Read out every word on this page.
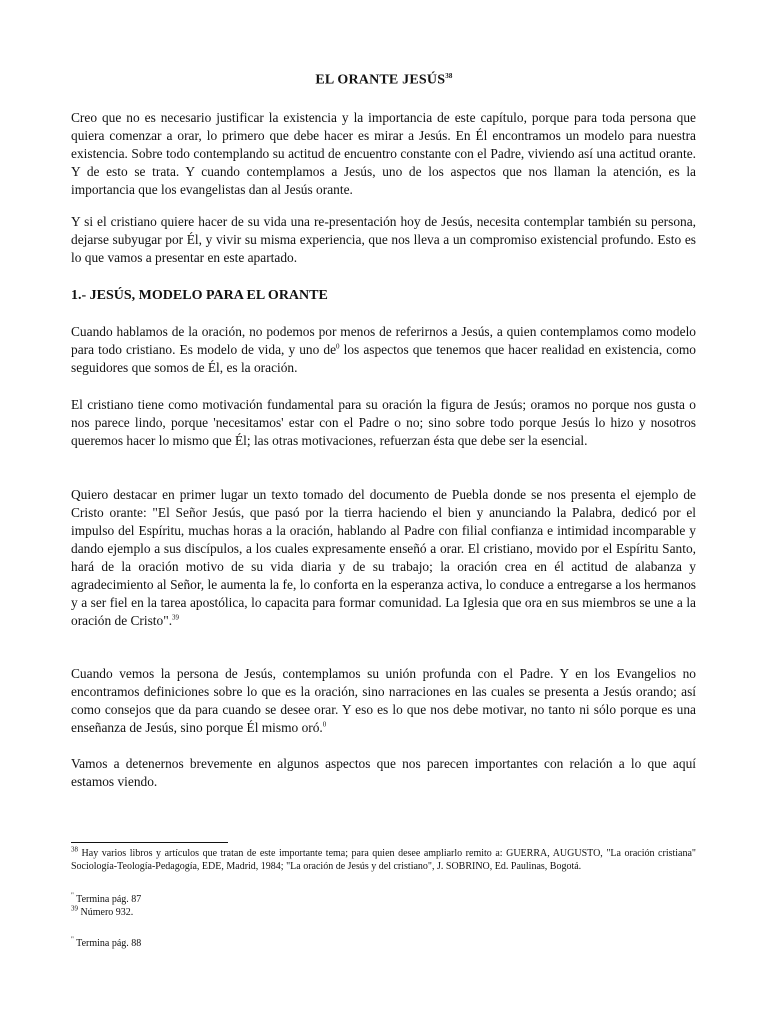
EL ORANTE JESÚS$^{38}$
Creo que no es necesario justificar la existencia y la importancia de este capítulo, porque para toda persona que quiera comenzar a orar, lo primero que debe hacer es mirar a Jesús. En Él encontramos un modelo para nuestra existencia. Sobre todo contemplando su actitud de encuentro constante con el Padre, viviendo así una actitud orante. Y de esto se trata. Y cuando contemplamos a Jesús, uno de los aspectos que nos llaman la atención, es la importancia que los evangelistas dan al Jesús orante.
Y si el cristiano quiere hacer de su vida una re-presentación hoy de Jesús, necesita contemplar también su persona, dejarse subyugar por Él, y vivir su misma experiencia, que nos lleva a un compromiso existencial profundo. Esto es lo que vamos a presentar en este apartado.
1.- JESÚS, MODELO PARA EL ORANTE
Cuando hablamos de la oración, no podemos por menos de referirnos a Jesús, a quien contemplamos como modelo para todo cristiano. Es modelo de vida, y uno $de^0$ los aspectos que tenemos que hacer realidad en existencia, como seguidores que somos de Él, es la oración.
El cristiano tiene como motivación fundamental para su oración la figura de Jesús; oramos no porque nos gusta o nos parece lindo, porque 'necesitamos' estar con el Padre o no; sino sobre todo porque Jesús lo hizo y nosotros queremos hacer lo mismo que Él; las otras motivaciones, refuerzan ésta que debe ser la esencial.
Quiero destacar en primer lugar un texto tomado del documento de Puebla donde se nos presenta el ejemplo de Cristo orante: "El Señor Jesús, que pasó por la tierra haciendo el bien y anunciando la Palabra, dedicó por el impulso del Espíritu, muchas horas a la oración, hablando al Padre con filial confianza e intimidad incomparable y dando ejemplo a sus discípulos, a los cuales expresamente enseñó a orar. El cristiano, movido por el Espíritu Santo, hará de la oración motivo de su vida diaria y de su trabajo; la oración crea en él actitud de alabanza y agradecimiento al Señor, le aumenta la fe, lo conforta en la esperanza activa, lo conduce a entregarse a los hermanos y a ser fiel en la tarea apostólica, lo capacita para formar comunidad. La Iglesia que ora en sus miembros se une a la oración de Cristo".$^{39}$
Cuando vemos la persona de Jesús, contemplamos su unión profunda con el Padre. Y en los Evangelios no encontramos definiciones sobre lo que es la oración, sino narraciones en las cuales se presenta a Jesús orando; así como consejos que da para cuando se desee orar. Y eso es lo que nos debe motivar, no tanto ni sólo porque es una enseñanza de Jesús, sino porque Él mismo oró.$^0$
Vamos a detenernos brevemente en algunos aspectos que nos parecen importantes con relación a lo que aquí estamos viendo.
$^{38}$ Hay varios libros y artículos que tratan de este importante tema; para quien desee ampliarlo remito a: GUERRA, AUGUSTO, "La oración cristiana" Sociología-Teología-Pedagogía, EDE, Madrid, 1984; "La oración de Jesús y del cristiano", J. SOBRINO, Ed. Paulinas, Bogotá.
" Termina pág. 87
$^{39}$ Número 932.
" Termina pág. 88
